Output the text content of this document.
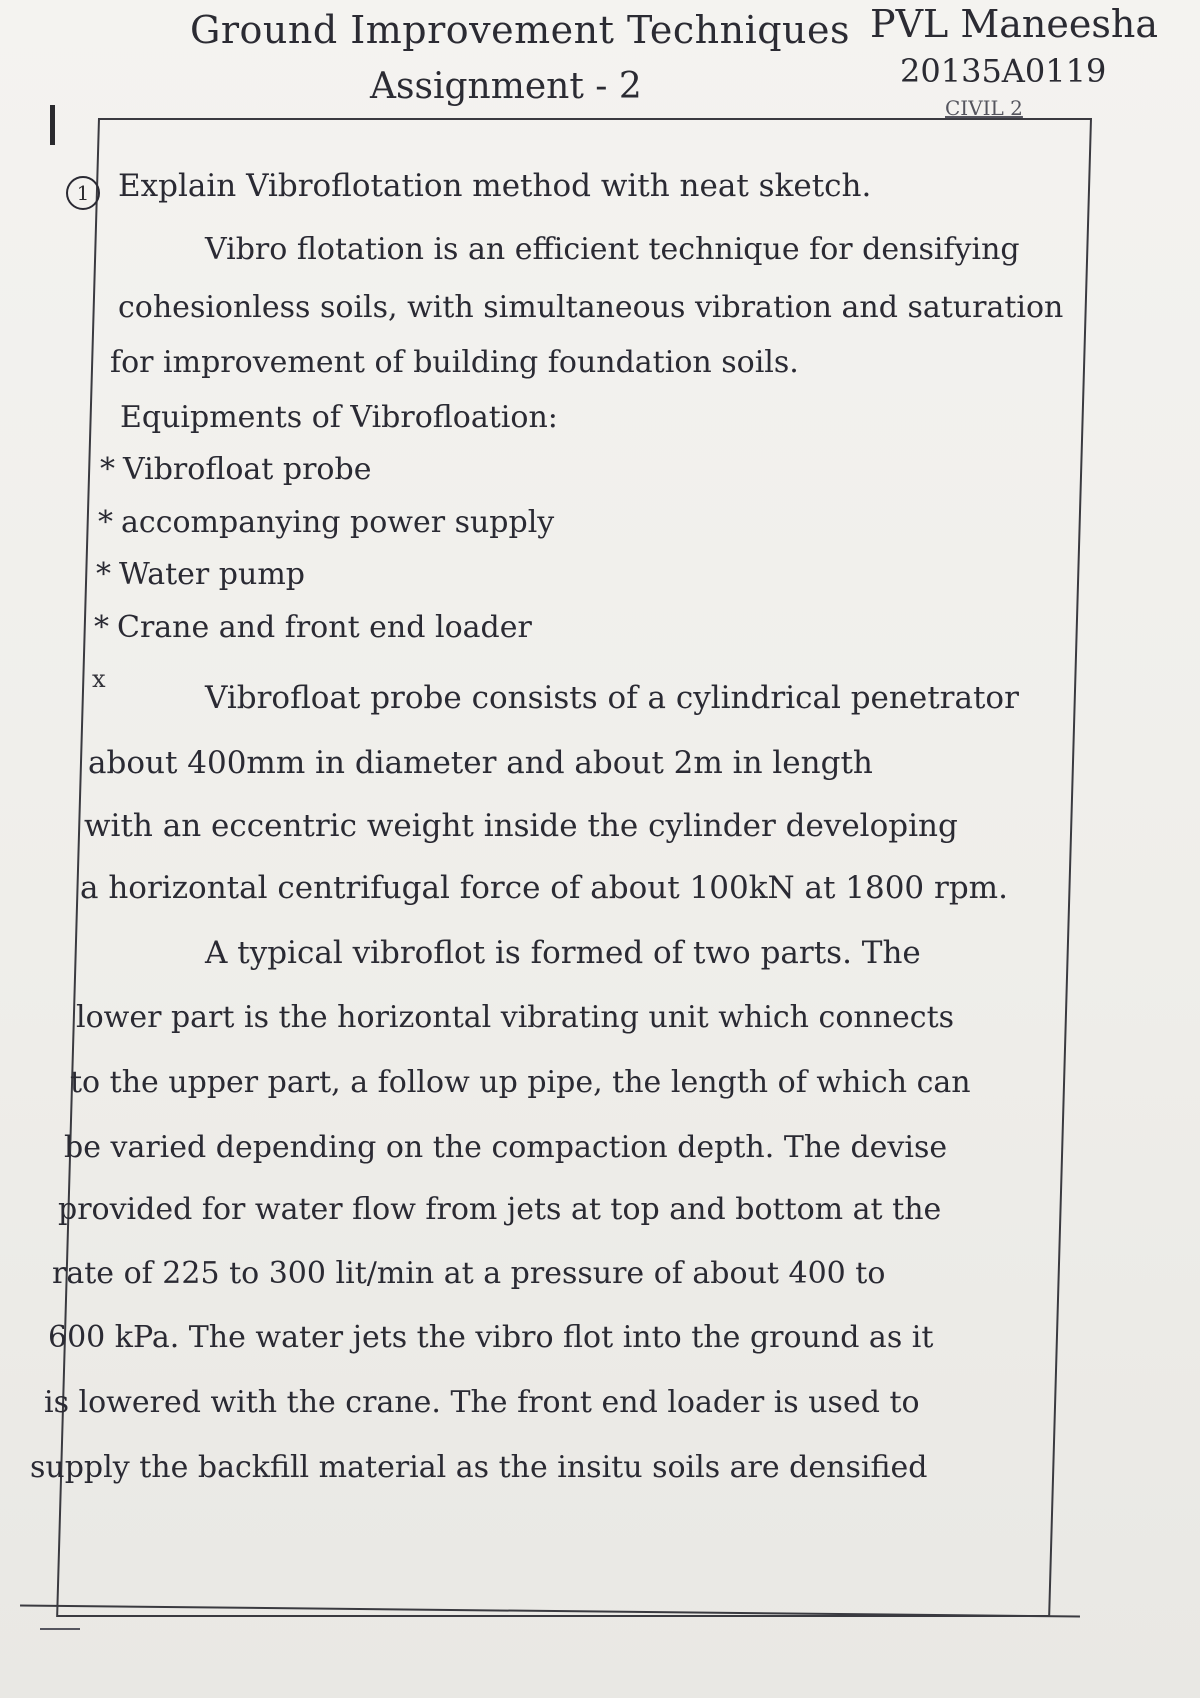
Ground Improvement Techniques PVL Maneesha
Assignment - 2	20135A0119
CIVIL 2
1 Explain Vibroflotation method with neat sketch.
Vibro flotation is an efficient technique for densifying
cohesionless soils, with simultaneous vibration and saturation
for improvement of building foundation soils.
Equipments of Vibrofloation:
* Vibrofloat probe
* accompanying power supply
* Water pump
* Crane and front end loader
x
Vibrofloat probe consists of a cylindrical penetrator
about 400mm in diameter and about 2m in length
with an eccentric weight inside the cylinder developing
a horizontal centrifugal force of about 100kN at 1800 rpm.
A typical vibroflot is formed of two parts. The
lower part is the horizontal vibrating unit which connects
to the upper part, a follow up pipe, the length of which can
be varied depending on the compaction depth. The devise
provided for water flow from jets at top and bottom at the
rate of 225 to 300 lit/min at a pressure of about 400 to
600 kPa. The water jets the vibro flot into the ground as it
is lowered with the crane. The front end loader is used to
supply the backfill material as the insitu soils are densified
